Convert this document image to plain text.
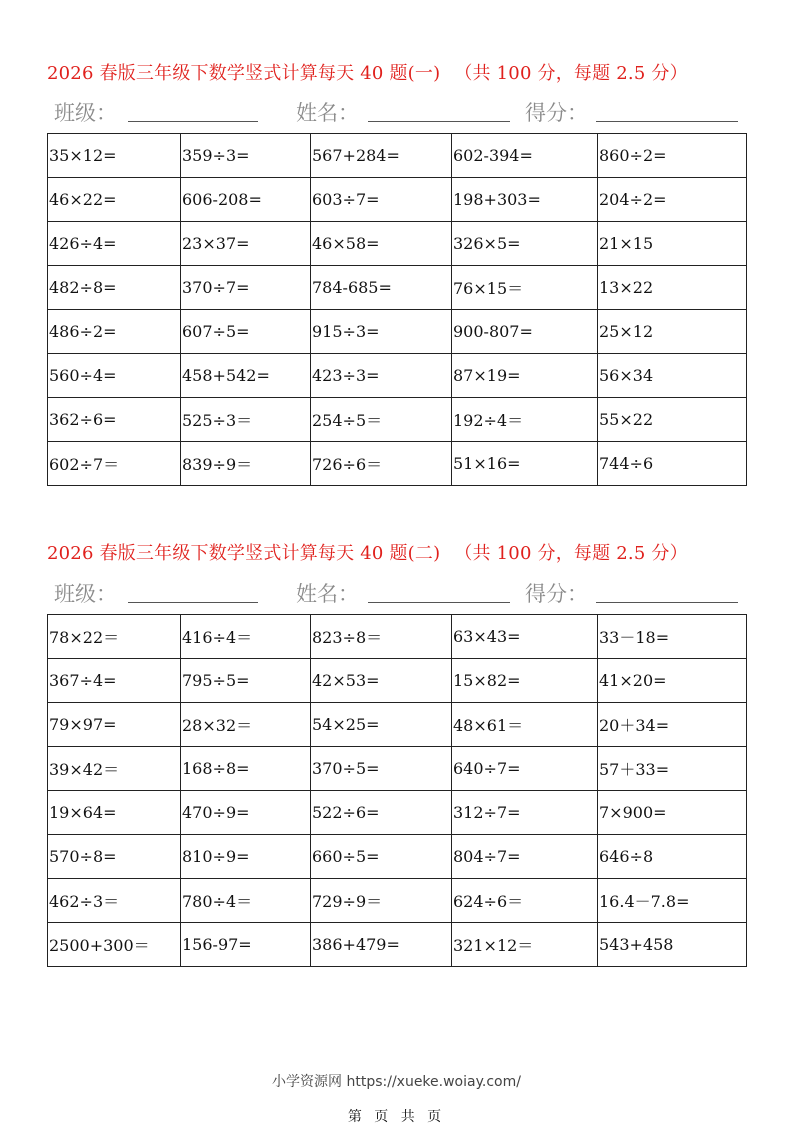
2026 春版三年级下数学竖式计算每天 40 题(一) （共 100 分，每题 2.5 分）
班级：	姓名：	得分：
35×12=	359÷3=	567+284=	602-394=	860÷2=
46×22=	606-208=	603÷7=	198+303=	204÷2=
426÷4=	23×37=	46×58=	326×5=	21×15
482÷8=	370÷7=	784-685=	76×15＝	13×22
486÷2=	607÷5=	915÷3=	900-807=	25×12
560÷4=	458+542=	423÷3=	87×19=	56×34
362÷6=	525÷3＝	254÷5＝	192÷4＝	55×22
602÷7＝	839÷9＝	726÷6＝	51×16=	744÷6
2026 春版三年级下数学竖式计算每天 40 题(二) （共 100 分，每题 2.5 分）
班级：	姓名：	得分：
78×22＝	416÷4＝	823÷8＝	63×43=	33－18=
367÷4=	795÷5=	42×53=	15×82=	41×20=
79×97=	28×32＝	54×25=	48×61＝	20＋34=
39×42＝	168÷8=	370÷5=	640÷7=	57＋33=
19×64=	470÷9=	522÷6=	312÷7=	7×900=
570÷8=	810÷9=	660÷5=	804÷7=	646÷8
462÷3＝	780÷4＝	729÷9＝	624÷6＝	16.4－7.8=
2500+300＝	156-97=	386+479=	321×12＝	543+458
小学资源网 https://xueke.woiay.com/
第 页 共 页
